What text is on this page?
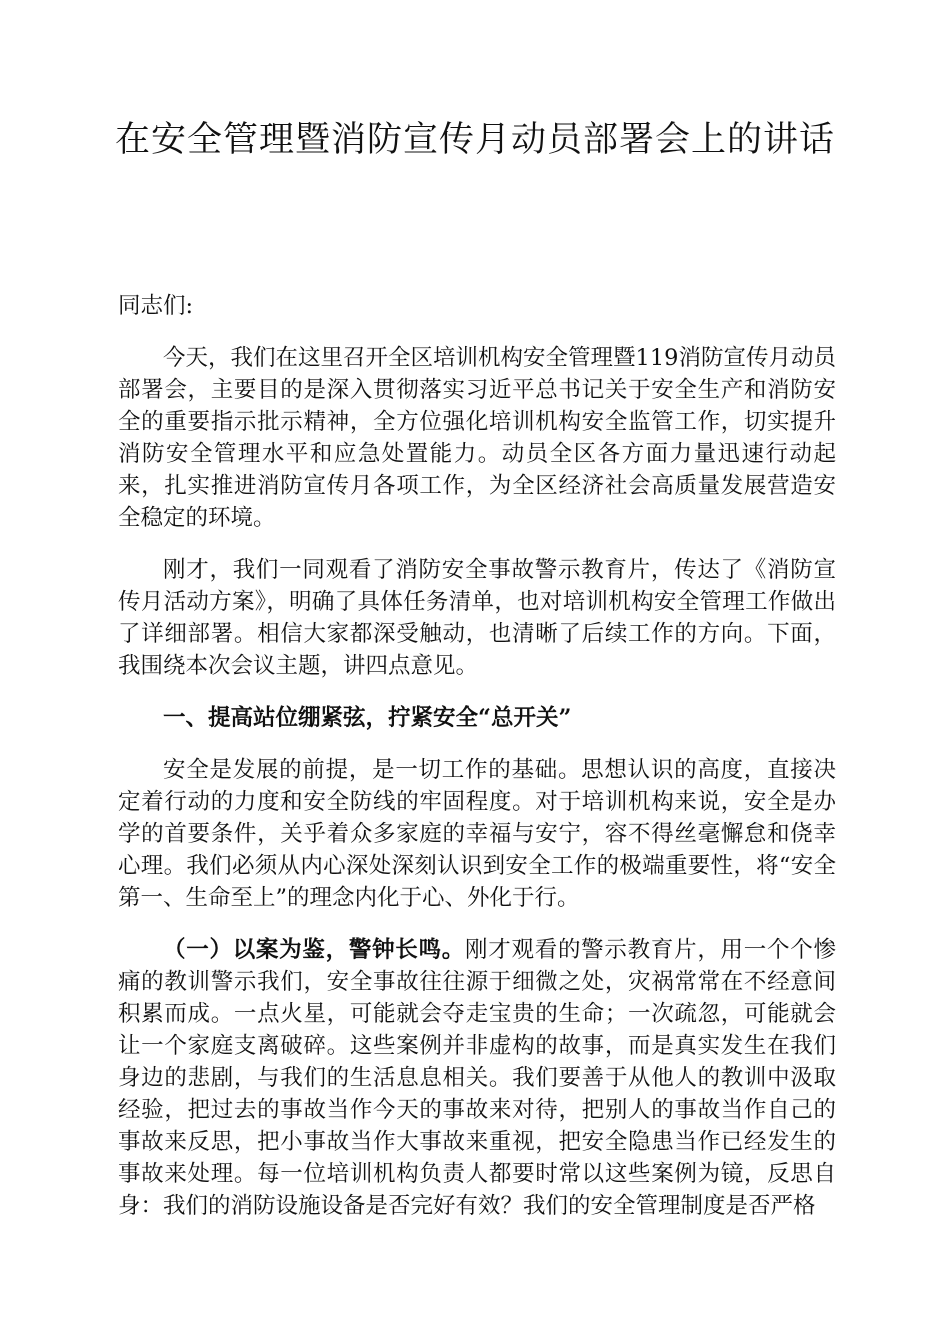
在安全管理暨消防宣传月动员部署会上的讲话

同志们:

今天，我们在这里召开全区培训机构安全管理暨119消防宣传月动员部署会，主要目的是深入贯彻落实习近平总书记关于安全生产和消防安全的重要指示批示精神，全方位强化培训机构安全监管工作，切实提升消防安全管理水平和应急处置能力。动员全区各方面力量迅速行动起来，扎实推进消防宣传月各项工作，为全区经济社会高质量发展营造安全稳定的环境。

刚才，我们一同观看了消防安全事故警示教育片，传达了《消防宣传月活动方案》，明确了具体任务清单，也对培训机构安全管理工作做出了详细部署。相信大家都深受触动，也清晰了后续工作的方向。下面，我围绕本次会议主题，讲四点意见。

一、提高站位绷紧弦，拧紧安全“总开关”

安全是发展的前提，是一切工作的基础。思想认识的高度，直接决定着行动的力度和安全防线的牢固程度。对于培训机构来说，安全是办学的首要条件，关乎着众多家庭的幸福与安宁，容不得丝毫懈怠和侥幸心理。我们必须从内心深处深刻认识到安全工作的极端重要性，将“安全第一、生命至上”的理念内化于心、外化于行。

（一）以案为鉴，警钟长鸣。刚才观看的警示教育片，用一个个惨痛的教训警示我们，安全事故往往源于细微之处，灾祸常常在不经意间积累而成。一点火星，可能就会夺走宝贵的生命；一次疏忽，可能就会让一个家庭支离破碎。这些案例并非虚构的故事，而是真实发生在我们身边的悲剧，与我们的生活息息相关。我们要善于从他人的教训中汲取经验，把过去的事故当作今天的事故来对待，把别人的事故当作自己的事故来反思，把小事故当作大事故来重视，把安全隐患当作已经发生的事故来处理。每一位培训机构负责人都要时常以这些案例为镜，反思自身：我们的消防设施设备是否完好有效？我们的安全管理制度是否严格
